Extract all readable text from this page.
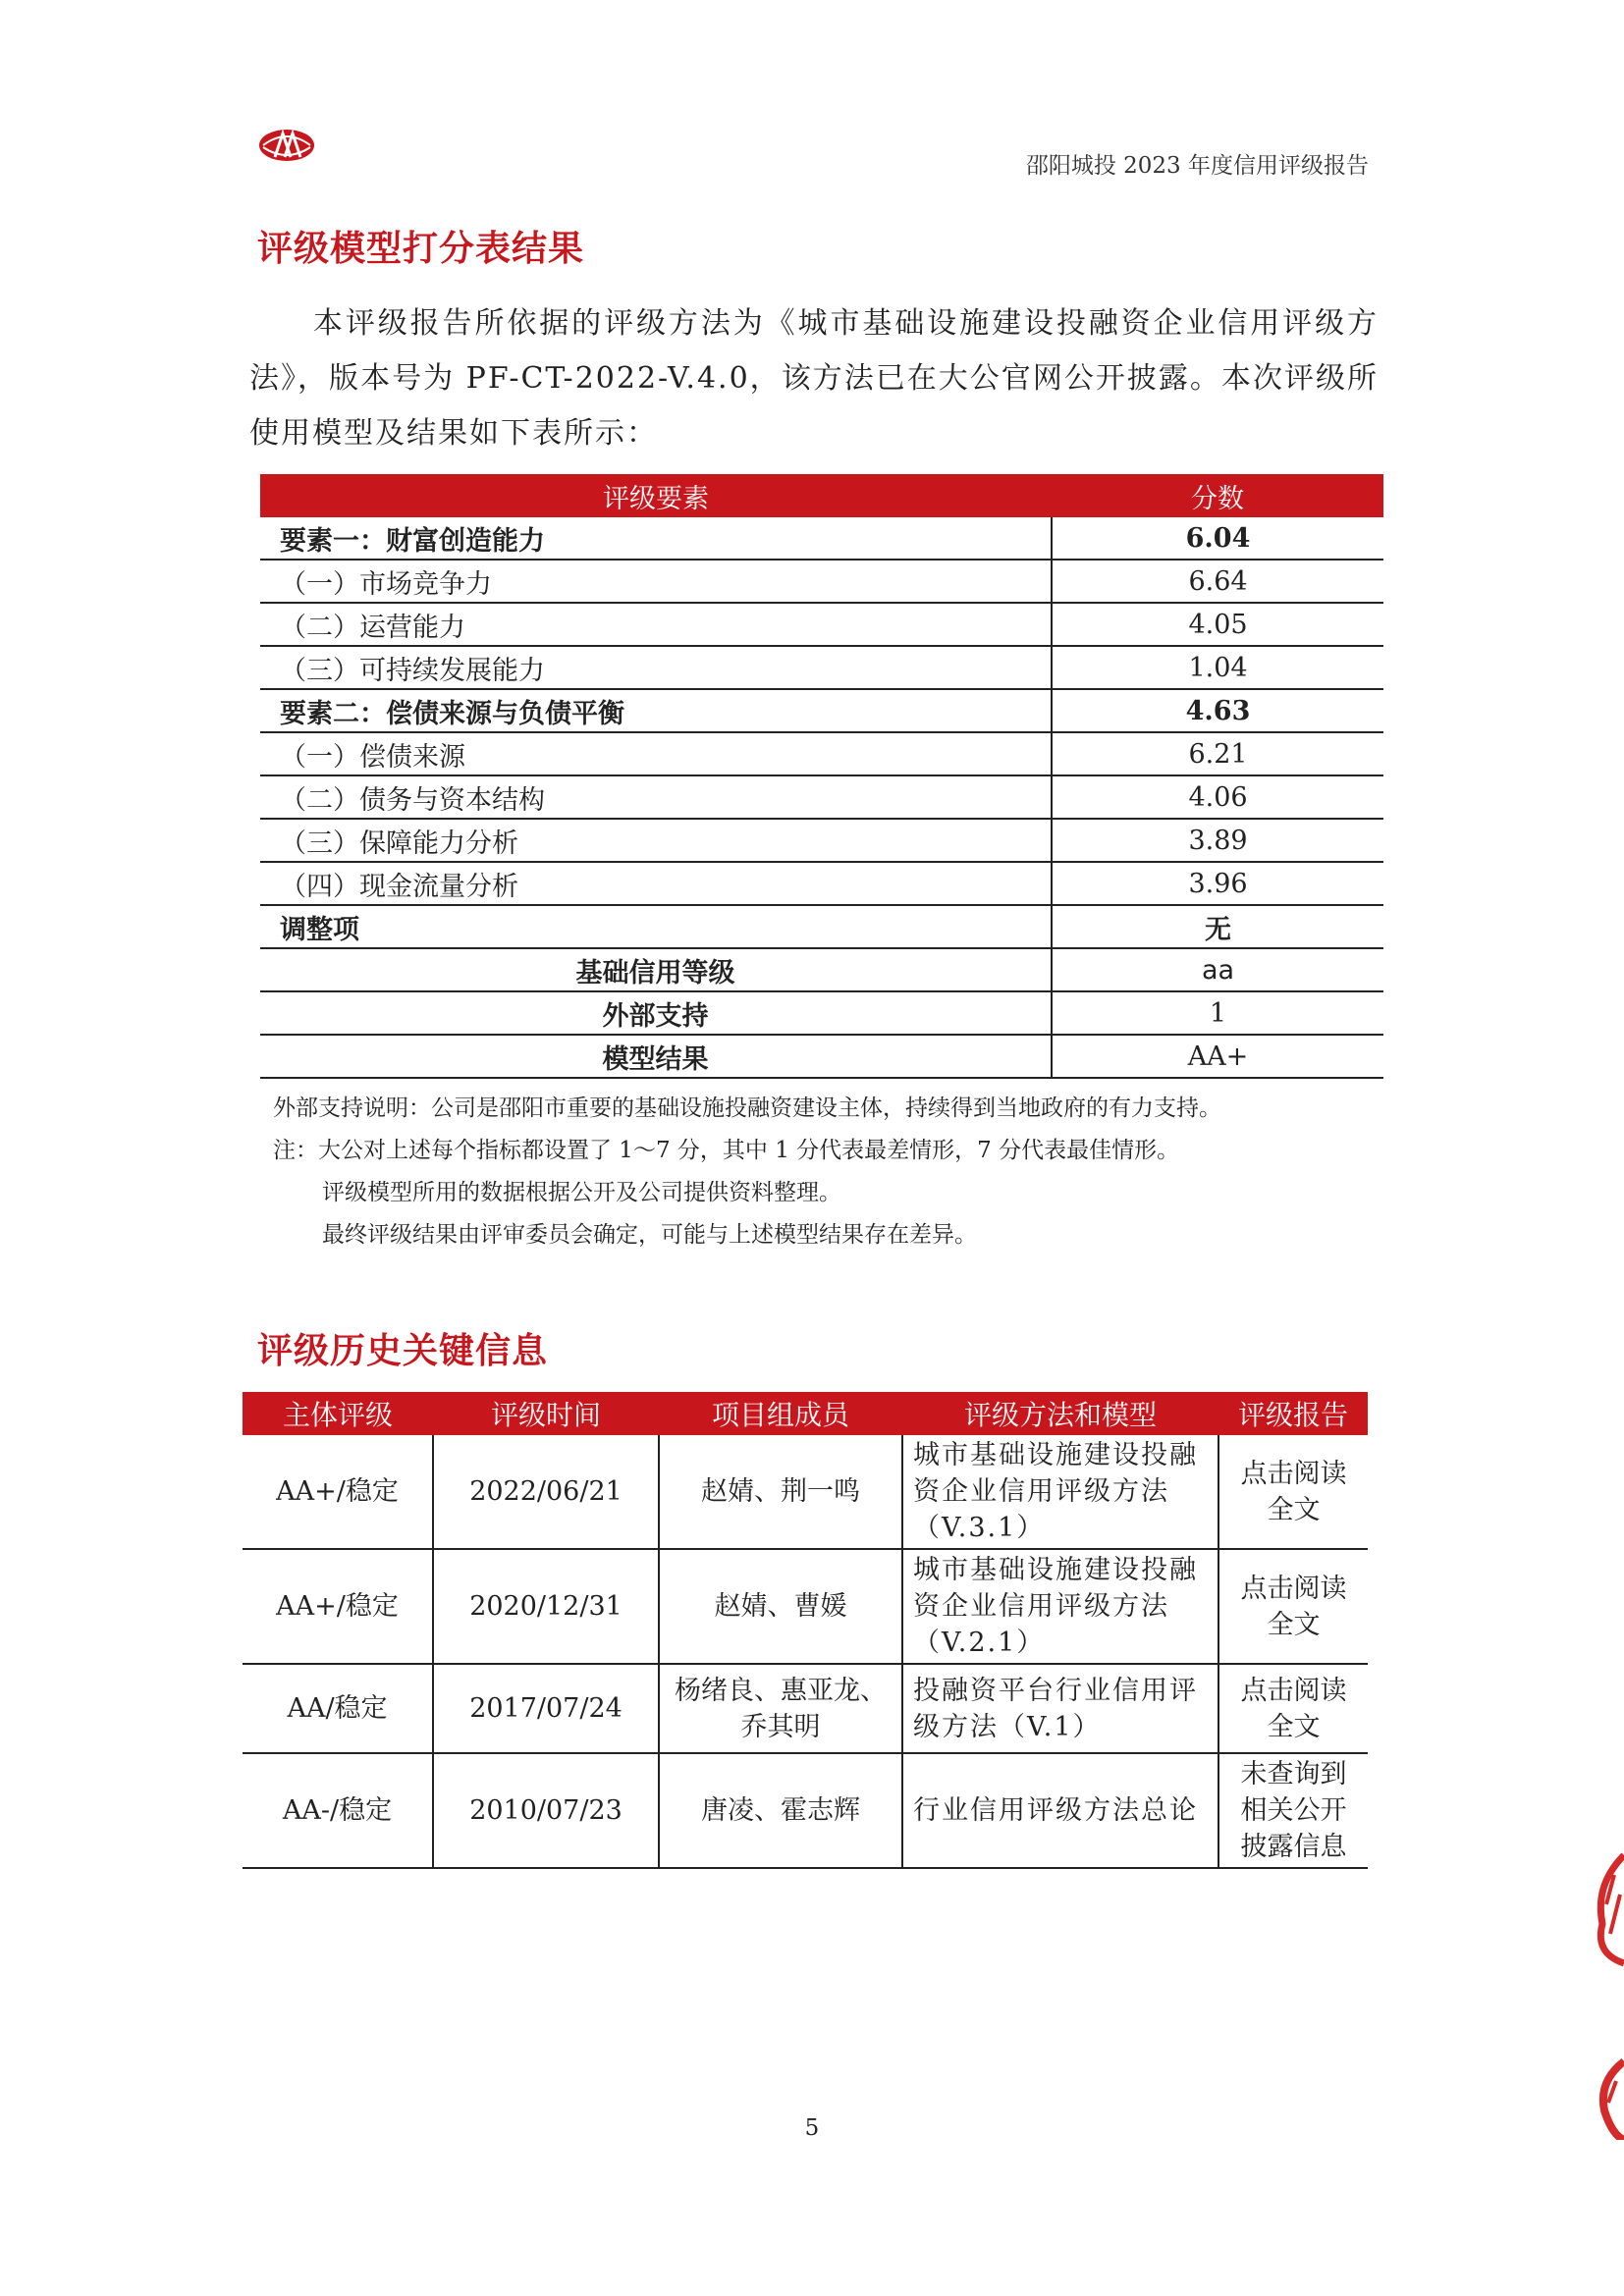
邵阳城投 2023 年度信用评级报告
评级模型打分表结果
本评级报告所依据的评级方法为《城市基础设施建设投融资企业信用评级方法》，版本号为 PF-CT-2022-V.4.0，该方法已在大公官网公开披露。本次评级所使用模型及结果如下表所示：
评级要素	分数
要素一：财富创造能力	6.04
（一）市场竞争力	6.64
（二）运营能力	4.05
（三）可持续发展能力	1.04
要素二：偿债来源与负债平衡	4.63
（一）偿债来源	6.21
（二）债务与资本结构	4.06
（三）保障能力分析	3.89
（四）现金流量分析	3.96
调整项	无
基础信用等级	aa
外部支持	1
模型结果	AA+
外部支持说明：公司是邵阳市重要的基础设施投融资建设主体，持续得到当地政府的有力支持。
注：大公对上述每个指标都设置了 1～7 分，其中 1 分代表最差情形，7 分代表最佳情形。
评级模型所用的数据根据公开及公司提供资料整理。
最终评级结果由评审委员会确定，可能与上述模型结果存在差异。
评级历史关键信息
主体评级	评级时间	项目组成员	评级方法和模型	评级报告
AA+/稳定	2022/06/21	赵婧、荆一鸣	城市基础设施建设投融资企业信用评级方法（V.3.1）	点击阅读全文
AA+/稳定	2020/12/31	赵婧、曹媛	城市基础设施建设投融资企业信用评级方法（V.2.1）	点击阅读全文
AA/稳定	2017/07/24	杨绪良、惠亚龙、乔其明	投融资平台行业信用评级方法（V.1）	点击阅读全文
AA-/稳定	2010/07/23	唐凌、霍志辉	行业信用评级方法总论	未查询到相关公开披露信息
5
